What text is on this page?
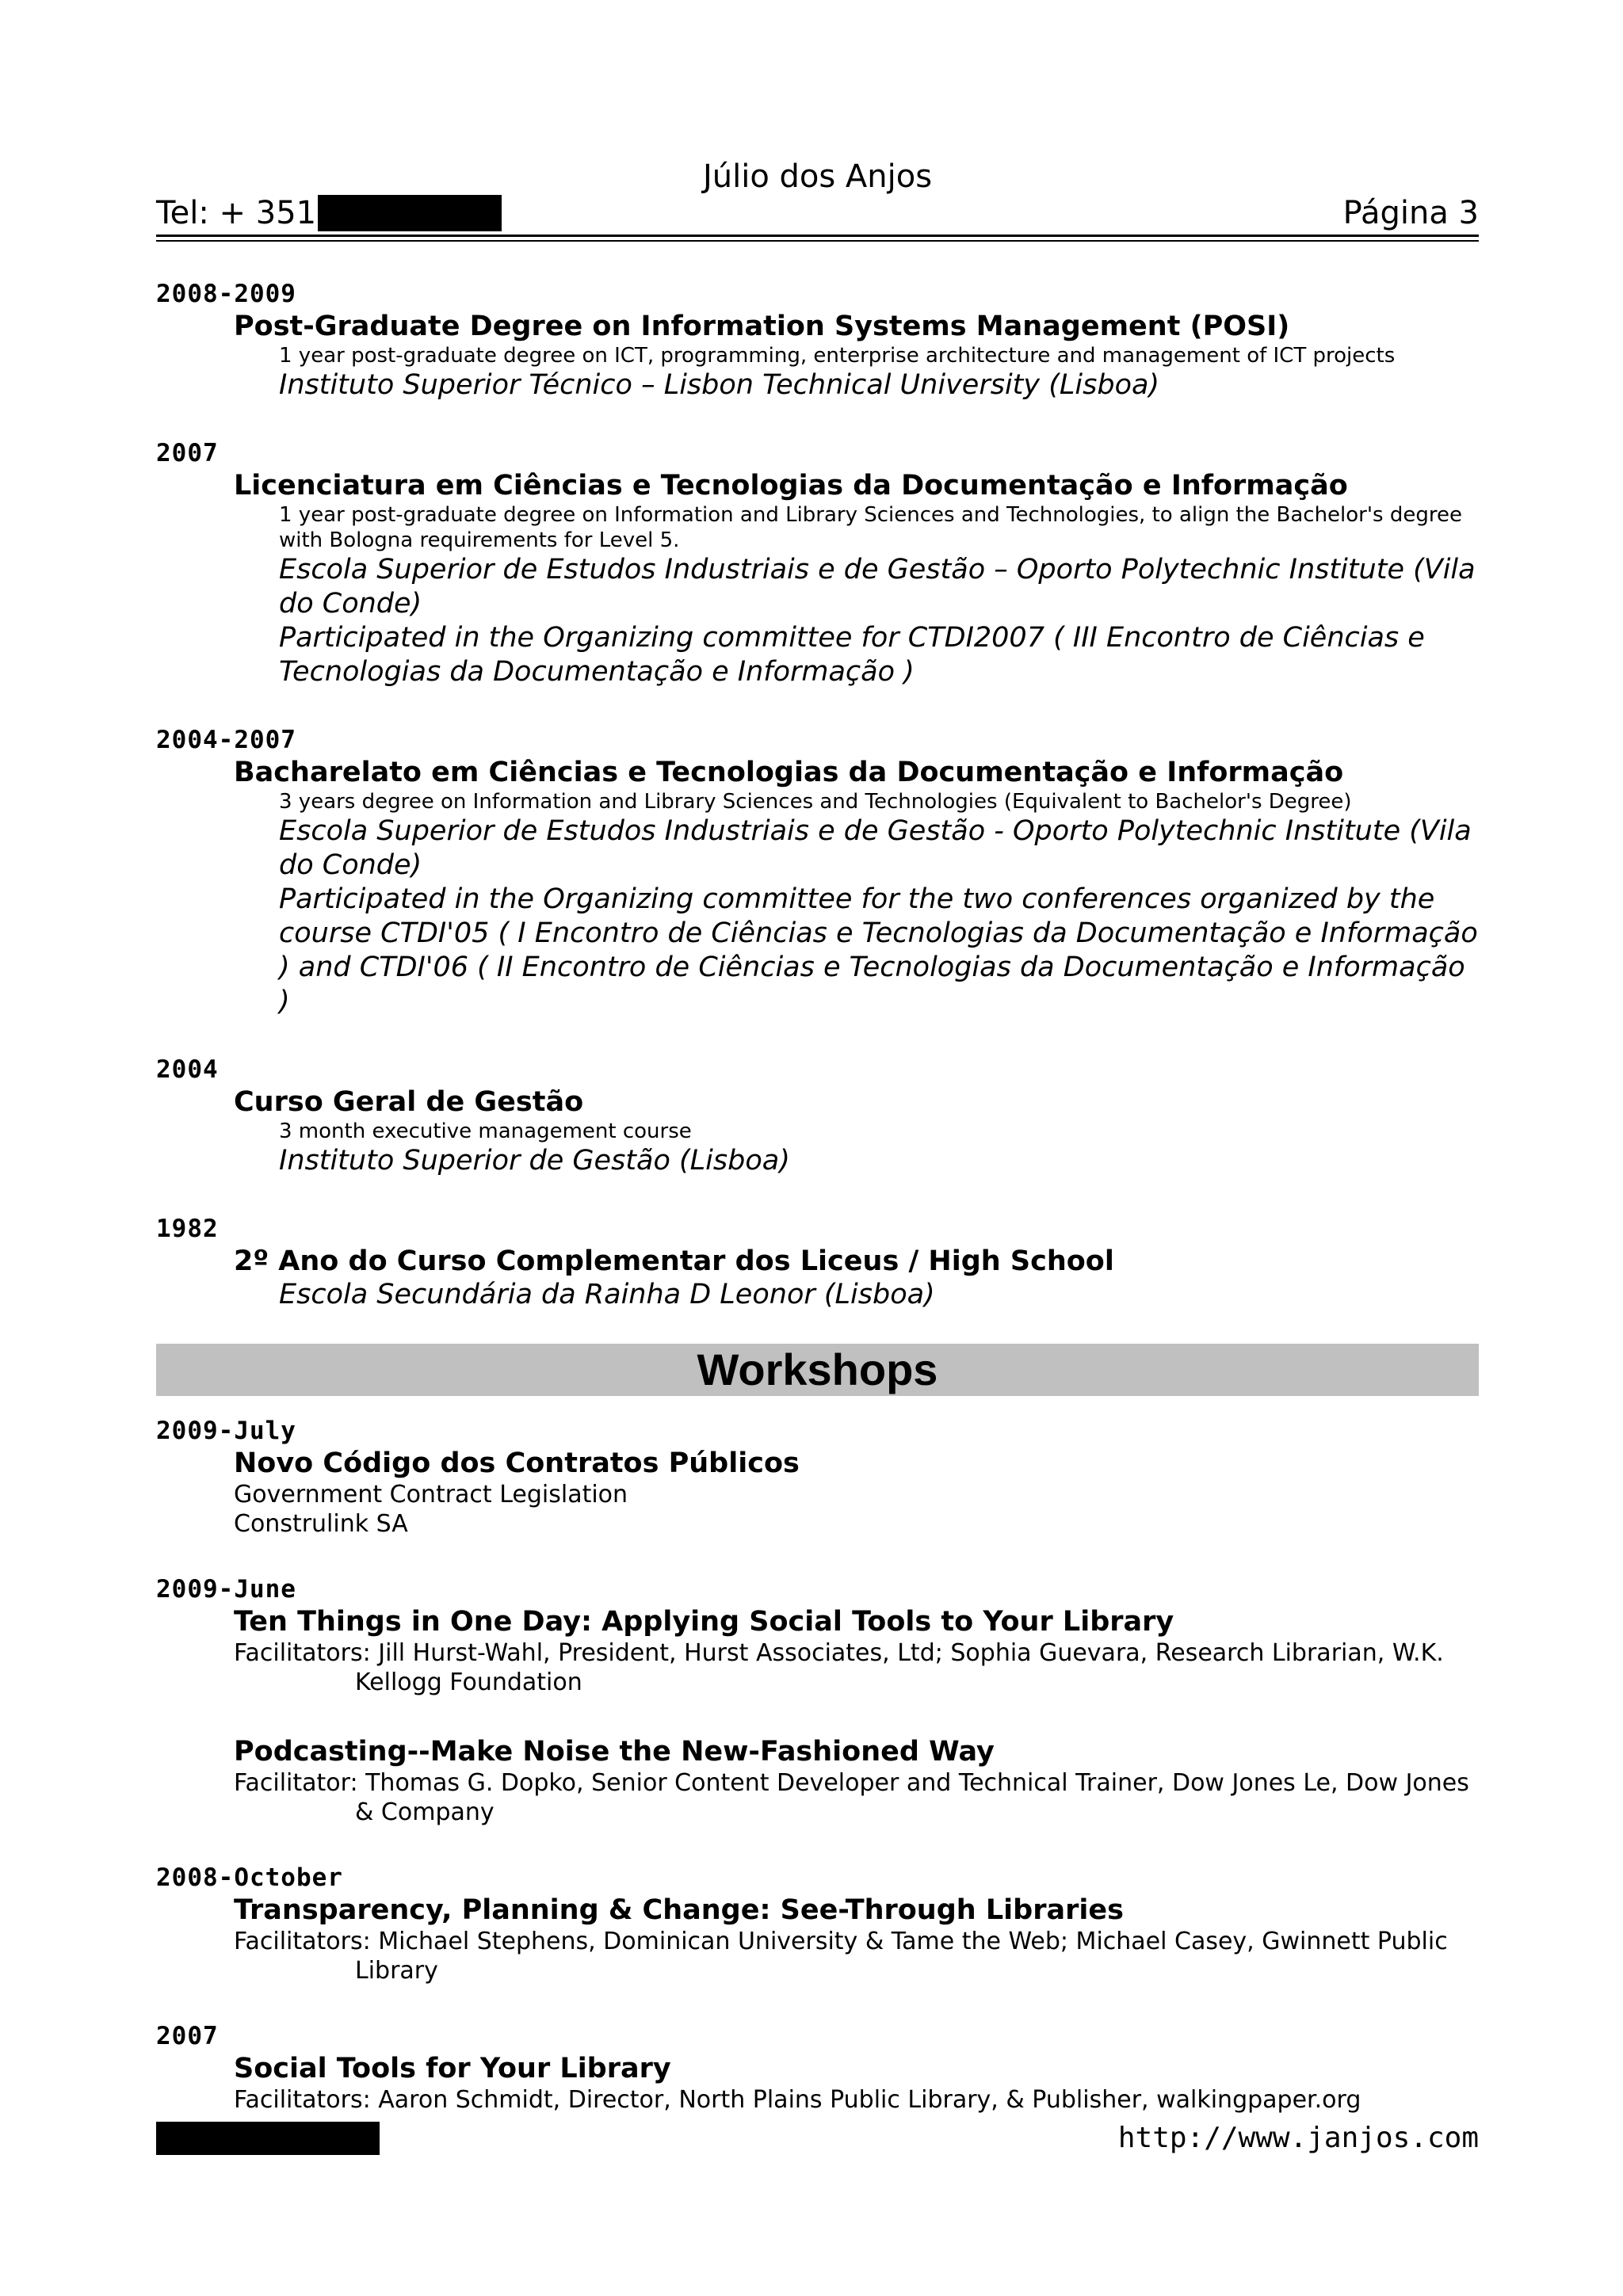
Júlio dos Anjos
Tel: + 351	Página 3
2008-2009
Post-Graduate Degree on Information Systems Management (POSI)
1 year post-graduate degree on ICT, programming, enterprise architecture and management of ICT projects
Instituto Superior Técnico – Lisbon Technical University (Lisboa)
2007
Licenciatura em Ciências e Tecnologias da Documentação e Informação
1 year post-graduate degree on Information and Library Sciences and Technologies, to align the Bachelor's degree with Bologna requirements for Level 5.
Escola Superior de Estudos Industriais e de Gestão – Oporto Polytechnic Institute (Vila do Conde)
Participated in the Organizing committee for CTDI2007 ( III Encontro de Ciências e Tecnologias da Documentação e Informação )
2004-2007
Bacharelato em Ciências e Tecnologias da Documentação e Informação
3 years degree on Information and Library Sciences and Technologies (Equivalent to Bachelor's Degree)
Escola Superior de Estudos Industriais e de Gestão - Oporto Polytechnic Institute (Vila do Conde)
Participated in the Organizing committee for the two conferences organized by the course CTDI'05 ( I Encontro de Ciências e Tecnologias da Documentação e Informação ) and CTDI'06 ( II Encontro de Ciências e Tecnologias da Documentação e Informação )
2004
Curso Geral de Gestão
3 month executive management course
Instituto Superior de Gestão (Lisboa)
1982
2º Ano do Curso Complementar dos Liceus / High School
Escola Secundária da Rainha D Leonor (Lisboa)
Workshops
2009-July
Novo Código dos Contratos Públicos
Government Contract Legislation
Construlink SA
2009-June
Ten Things in One Day: Applying Social Tools to Your Library
Facilitators: Jill Hurst-Wahl, President, Hurst Associates, Ltd; Sophia Guevara, Research Librarian, W.K. Kellogg Foundation
Podcasting--Make Noise the New-Fashioned Way
Facilitator: Thomas G. Dopko, Senior Content Developer and Technical Trainer, Dow Jones Le, Dow Jones & Company
2008-October
Transparency, Planning & Change: See-Through Libraries
Facilitators: Michael Stephens, Dominican University & Tame the Web; Michael Casey, Gwinnett Public Library
2007
Social Tools for Your Library
Facilitators: Aaron Schmidt, Director, North Plains Public Library, & Publisher, walkingpaper.org
http://www.janjos.com
